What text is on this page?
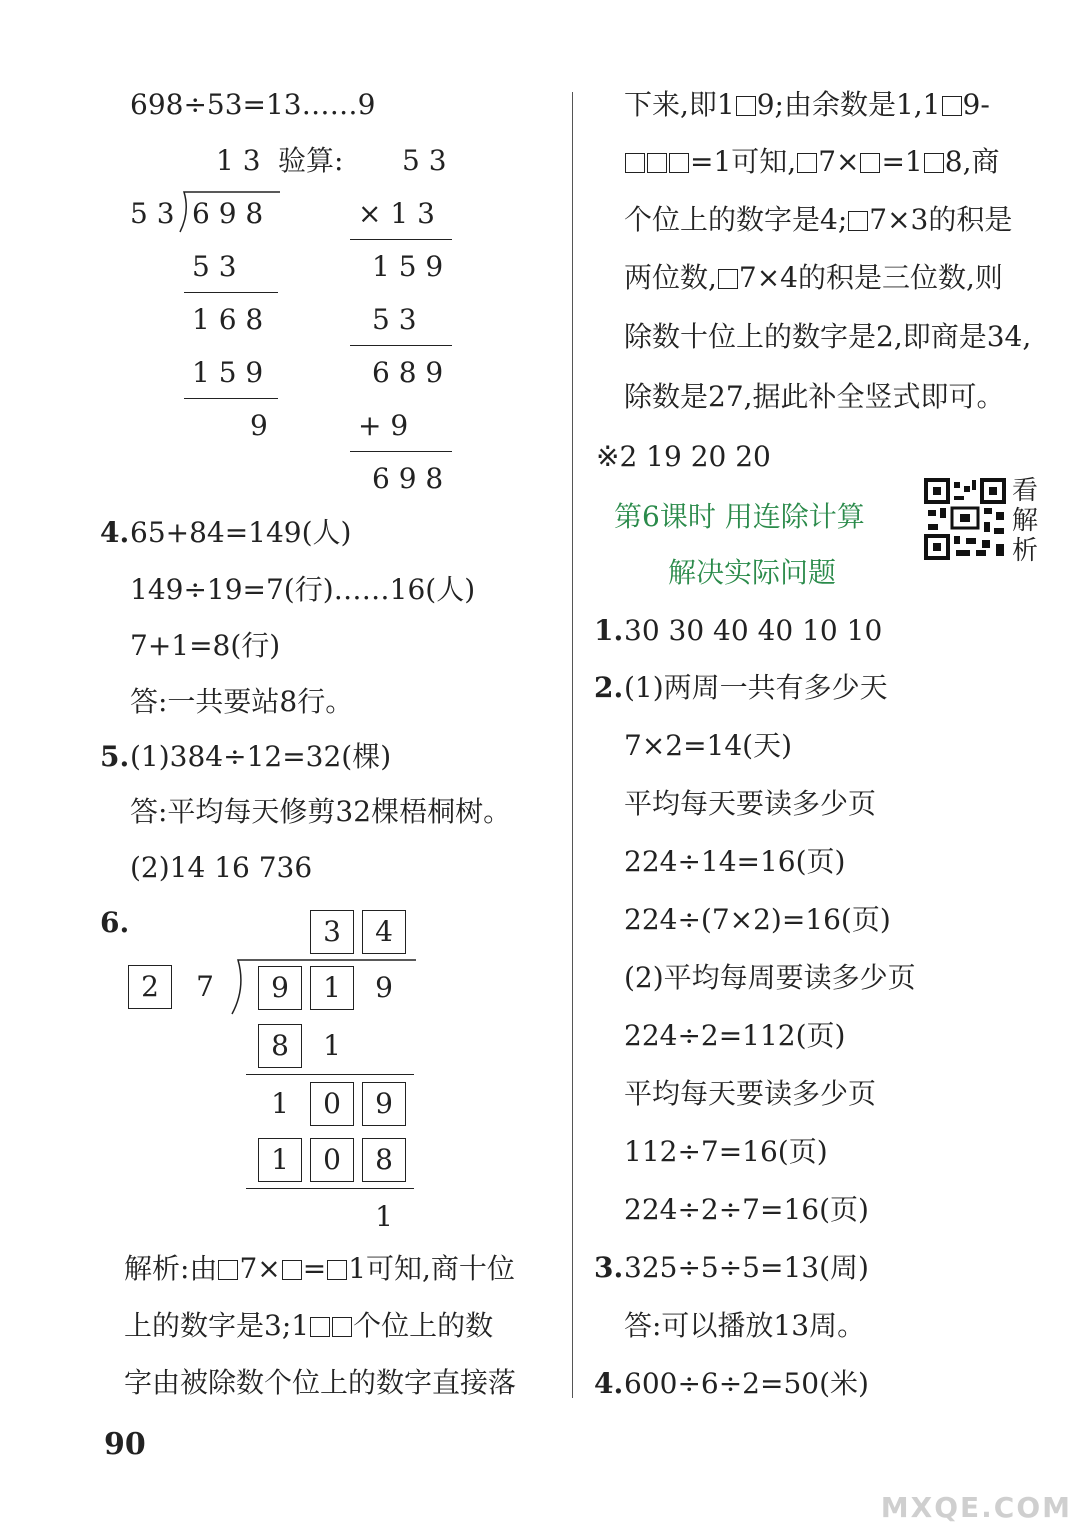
698÷53=13……9
1 3 验算:
5 3 6 9 8
5 3
1 6 8
1 5 9
9
5 3
× 1 3
1 5 9
5 3
6 8 9
+ 9
6 9 8
4. 65+84=149(人)
149÷19=7(行)……16(人)
7+1=8(行)
答:一共要站8行。
5. (1)384÷12=32(棵)
答:平均每天修剪32棵梧桐树。
(2)14 16 736
6.	3	4
2	7	9	1	9
8	1
1	0	9
1	0	8
1
解析:由 7× = 1可知,商十位
上的数字是3;1 个位上的数
字由被除数个位上的数字直接落
90
下来,即1 9;由余数是1,1 9-
=1可知, 7× =1 8,商
个位上的数字是4; 7×3的积是
两位数, 7×4的积是三位数,则
除数十位上的数字是2,即商是34,
除数是27,据此补全竖式即可。
※2 19 20 20
第6课时 用连除计算
解决实际问题
看
解
析
1. 30 30 40 40 10 10
2. (1)两周一共有多少天
7×2=14(天)
平均每天要读多少页
224÷14=16(页)
224÷(7×2)=16(页)
(2)平均每周要读多少页
224÷2=112(页)
平均每天要读多少页
112÷7=16(页)
224÷2÷7=16(页)
3. 325÷5÷5=13(周)
答:可以播放13周。
4. 600÷6÷2=50(米)
MXQE.COM
